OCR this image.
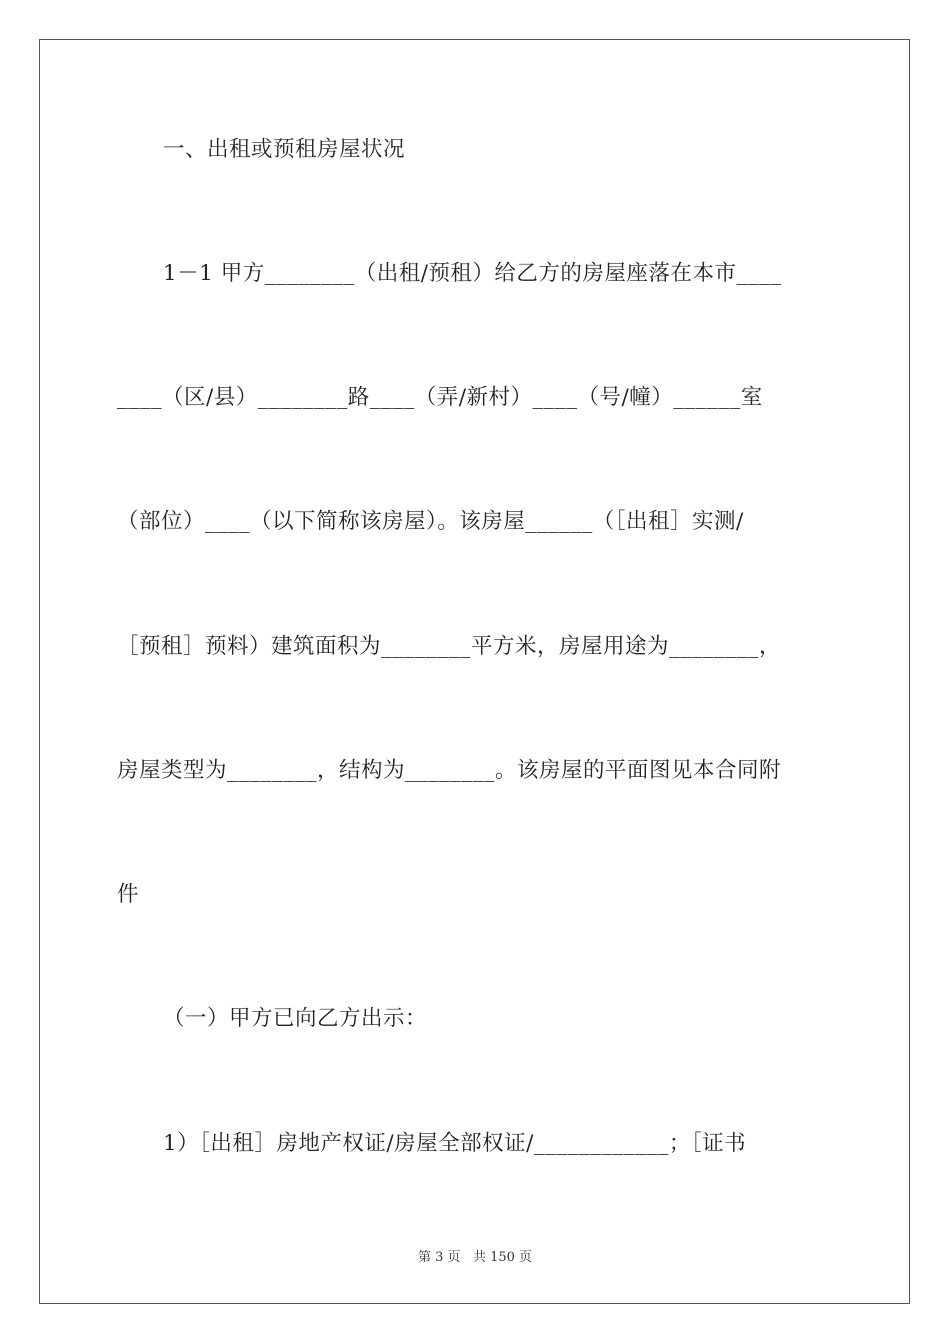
一、出租或预租房屋状况
1－1 甲方________（出租/预租）给乙方的房屋座落在本市____
____（区/县）________路____（弄/新村）____（号/幢）______室
（部位）____（以下简称该房屋）。该房屋______（［出租］实测/
［预租］预料）建筑面积为________平方米，房屋用途为________，
房屋类型为________，结构为________。该房屋的平面图见本合同附
件
（一）甲方已向乙方出示：
1）［出租］房地产权证/房屋全部权证/____________；［证书
第 3 页 共 150 页
